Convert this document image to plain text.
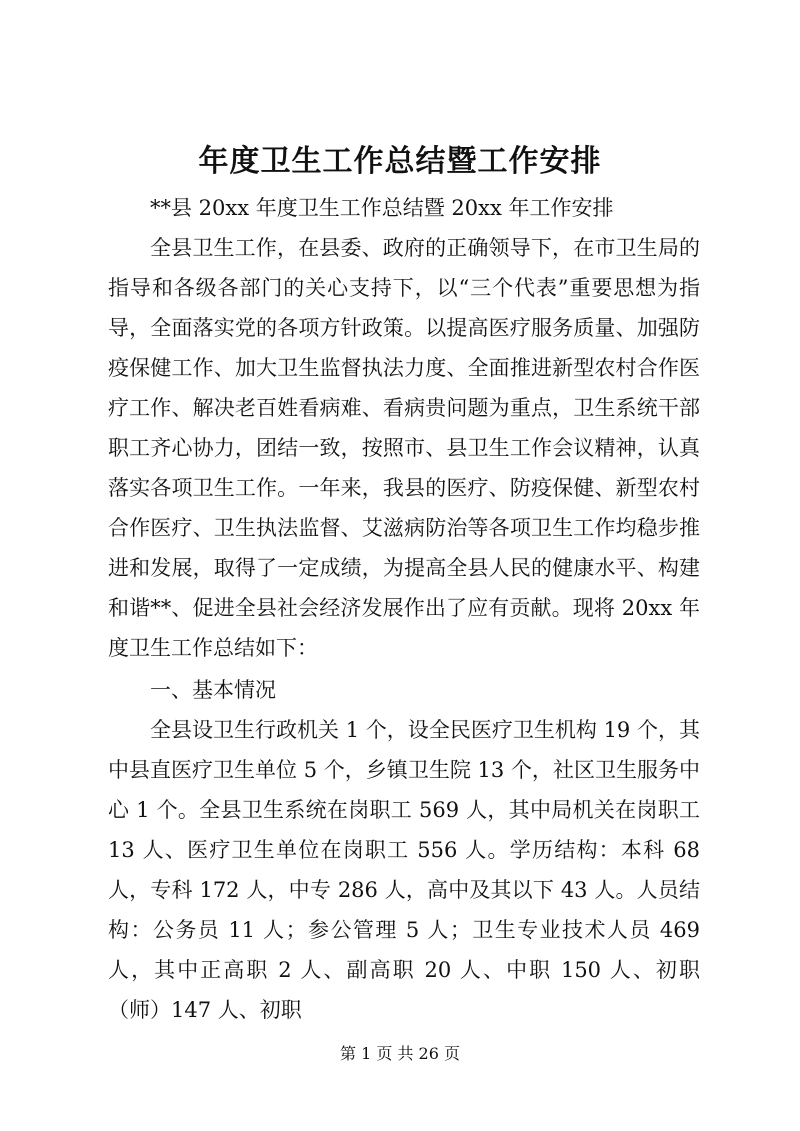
年度卫生工作总结暨工作安排

**县 20xx 年度卫生工作总结暨 20xx 年工作安排

全县卫生工作，在县委、政府的正确领导下，在市卫生局的指导和各级各部门的关心支持下，以“三个代表”重要思想为指导，全面落实党的各项方针政策。以提高医疗服务质量、加强防疫保健工作、加大卫生监督执法力度、全面推进新型农村合作医疗工作、解决老百姓看病难、看病贵问题为重点，卫生系统干部职工齐心协力，团结一致，按照市、县卫生工作会议精神，认真落实各项卫生工作。一年来，我县的医疗、防疫保健、新型农村合作医疗、卫生执法监督、艾滋病防治等各项卫生工作均稳步推进和发展，取得了一定成绩，为提高全县人民的健康水平、构建和谐**、促进全县社会经济发展作出了应有贡献。现将 20xx 年度卫生工作总结如下：

一、基本情况

全县设卫生行政机关 1 个，设全民医疗卫生机构 19 个，其中县直医疗卫生单位 5 个，乡镇卫生院 13 个，社区卫生服务中心 1 个。全县卫生系统在岗职工 569 人，其中局机关在岗职工 13 人、医疗卫生单位在岗职工 556 人。学历结构：本科 68 人，专科 172 人，中专 286 人，高中及其以下 43 人。人员结构：公务员 11 人；参公管理 5 人；卫生专业技术人员 469 人，其中正高职 2 人、副高职 20 人、中职 150 人、初职（师）147 人、初职

第 1 页 共 26 页
